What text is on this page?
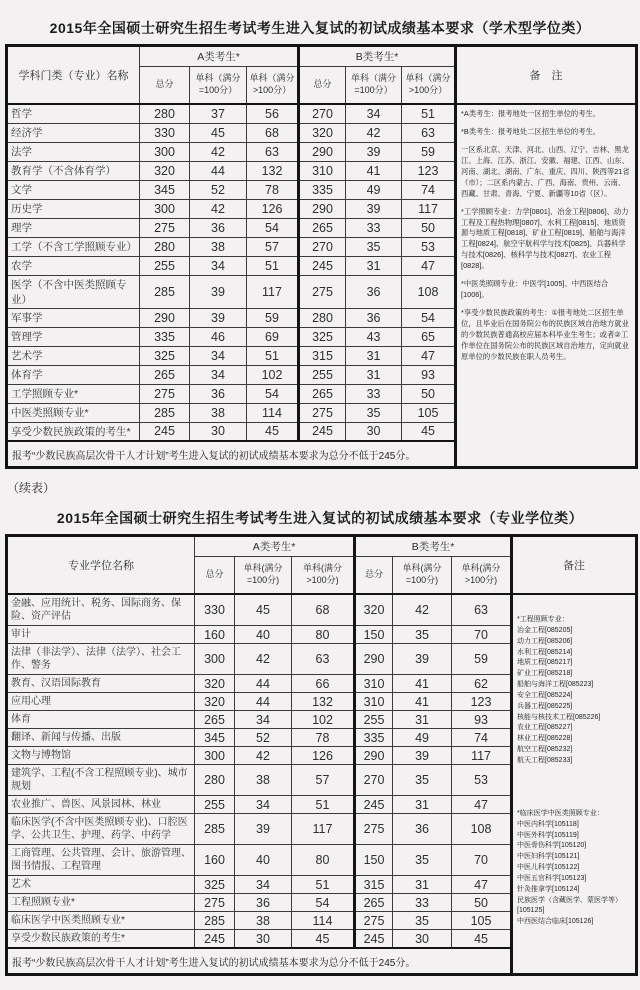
2015年全国硕士研究生招生考试考生进入复试的初试成绩基本要求（学术型学位类）
学科门类（专业）名称	A类考生*			B类考生*			备　注
	总分	单科（满分=100分）	单科（满分>100分）	总分	单科（满分=100分）	单科（满分>100分）	
哲学	280	37	56	270	34	51	*A类考生：报考地处一区招生单位的考生。

*B类考生：报考地处二区招生单位的考生。

一区系北京、天津、河北、山西、辽宁、吉林、黑龙江、上海、江苏、浙江、安徽、福建、江西、山东、河南、湖北、湖南、广东、重庆、四川、陕西等21省（市）；二区系内蒙古、广西、海南、贵州、云南、西藏、甘肃、青海、宁夏、新疆等10省（区）。

*工学照顾专业：力学[0801]、冶金工程[0806]、动力工程及工程热物理[0807]、水利工程[0815]、地质资源与地质工程[0818]、矿业工程[0819]、船舶与海洋工程[0824]、航空宇航科学与技术[0825]、兵器科学与技术[0826]、核科学与技术[0827]、农业工程[0828]。

*中医类照顾专业：中医学[1005]、中西医结合[1006]。

*享受少数民族政策的考生：①报考地处二区招生单位，且毕业后在国务院公布的民族区域自治地方就业的少数民族普通高校应届本科毕业生考生；或者②工作单位在国务院公布的民族区域自治地方，定向就业原单位的少数民族在职人员考生。

经济学	330	45	68	320	42	63	
法学	300	42	63	290	39	59	
教育学（不含体育学）	320	44	132	310	41	123	
文学	345	52	78	335	49	74	
历史学	300	42	126	290	39	117	
理学	275	36	54	265	33	50	
工学（不含工学照顾专业）	280	38	57	270	35	53	
农学	255	34	51	245	31	47	
医学（不含中医类照顾专业）	285	39	117	275	36	108	
军事学	290	39	59	280	36	54	
管理学	335	46	69	325	43	65	
艺术学	325	34	51	315	31	47	
体育学	265	34	102	255	31	93	
工学照顾专业*	275	36	54	265	33	50	
中医类照顾专业*	285	38	114	275	35	105	
享受少数民族政策的考生*	245	30	45	245	30	45	
报考“少数民族高层次骨干人才计划”考生进入复试的初试成绩基本要求为总分不低于245分。							
（续表）
2015年全国硕士研究生招生考试考生进入复试的初试成绩基本要求（专业学位类）
专业学位名称	A类考生*			B类考生*			备注
	总分	单科(满分=100分)	单科(满分>100分)	总分	单科(满分=100分)	单科(满分>100分)	
金融、应用统计、税务、国际商务、保险、资产评估	330	45	68	320	42	63	

*工程照顾专业：

冶金工程[085205]

动力工程[085206]

水利工程[085214]

地质工程[085217]

矿业工程[085218]

船舶与海洋工程[085223]

安全工程[085224]

兵器工程[085225]

核能与核技术工程[085226]

农业工程[085227]

林业工程[085228]

航空工程[085232]

航天工程[085233]

*临床医学中医类照顾专业：

中医内科学[105118]

中医外科学[105119]

中医骨伤科学[105120]

中医妇科学[105121]

中医儿科学[105122]

中医五官科学[105123]

针灸推拿学[105124]

民族医学（含藏医学、蒙医学等）[105125]

中西医结合临床[105126]

审计	160	40	80	150	35	70	
法律（非法学）、法律（法学）、社会工作、警务	300	42	63	290	39	59	
教育、汉语国际教育	320	44	66	310	41	62	
应用心理	320	44	132	310	41	123	
体育	265	34	102	255	31	93	
翻译、新闻与传播、出版	345	52	78	335	49	74	
文物与博物馆	300	42	126	290	39	117	
建筑学、工程(不含工程照顾专业)、城市规划	280	38	57	270	35	53	
农业推广、兽医、风景园林、林业	255	34	51	245	31	47	
临床医学(不含中医类照顾专业)、口腔医学、公共卫生、护理、药学、中药学	285	39	117	275	36	108	
工商管理、公共管理、会计、旅游管理、图书情报、工程管理	160	40	80	150	35	70	
艺术	325	34	51	315	31	47	
工程照顾专业*	275	36	54	265	33	50	
临床医学中医类照顾专业*	285	38	114	275	35	105	
享受少数民族政策的考生*	245	30	45	245	30	45	
报考“少数民族高层次骨干人才计划”考生进入复试的初试成绩基本要求为总分不低于245分。							
